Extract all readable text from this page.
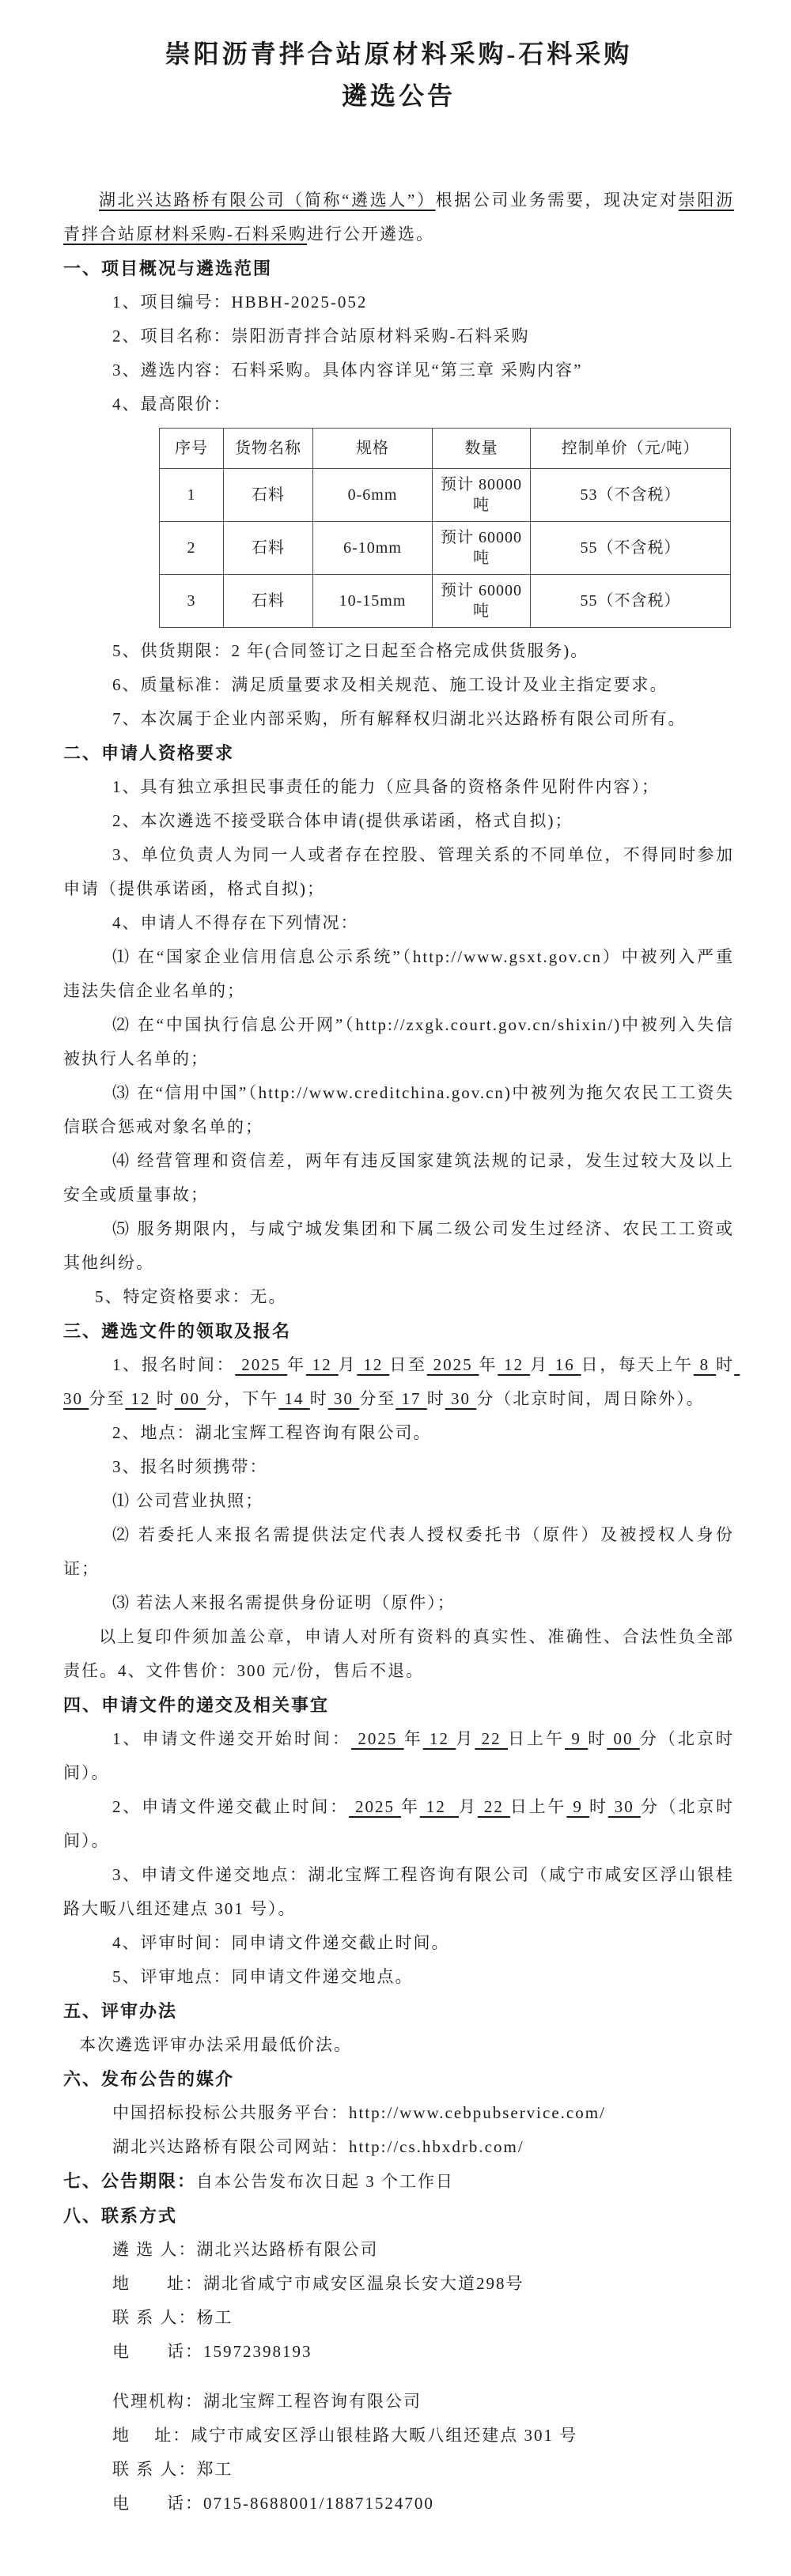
崇阳沥青拌合站原材料采购-石料采购
遴选公告

湖北兴达路桥有限公司（简称“遴选人”）根据公司业务需要，现决定对崇阳沥青拌合站原材料采购-石料采购进行公开遴选。

一、项目概况与遴选范围

1、项目编号：HBBH-2025-052

2、项目名称：崇阳沥青拌合站原材料采购-石料采购

3、遴选内容：石料采购。具体内容详见“第三章 采购内容”

4、最高限价：

序号	货物名称	规格	数量	控制单价（元/吨）
1	石料	0-6mm	预计 80000 吨	53（不含税）
2	石料	6-10mm	预计 60000 吨	55（不含税）
3	石料	10-15mm	预计 60000 吨	55（不含税）

5、供货期限：2 年(合同签订之日起至合格完成供货服务)。

6、质量标准：满足质量要求及相关规范、施工设计及业主指定要求。

7、本次属于企业内部采购，所有解释权归湖北兴达路桥有限公司所有。

二、申请人资格要求

1、具有独立承担民事责任的能力（应具备的资格条件见附件内容）；

2、本次遴选不接受联合体申请(提供承诺函，格式自拟)；

3、单位负责人为同一人或者存在控股、管理关系的不同单位，不得同时参加申请（提供承诺函，格式自拟)；

4、申请人不得存在下列情况：

⑴ 在“国家企业信用信息公示系统”（http://www.gsxt.gov.cn）中被列入严重违法失信企业名单的；

⑵ 在“中国执行信息公开网”（http://zxgk.court.gov.cn/shixin/)中被列入失信被执行人名单的；

⑶ 在“信用中国”（http://www.creditchina.gov.cn)中被列为拖欠农民工工资失信联合惩戒对象名单的；

⑷ 经营管理和资信差，两年有违反国家建筑法规的记录，发生过较大及以上安全或质量事故；

⑸ 服务期限内，与咸宁城发集团和下属二级公司发生过经济、农民工工资或其他纠纷。

5、特定资格要求：无。

三、遴选文件的领取及报名

1、报名时间： 2025 年 12 月 12 日至 2025 年 12 月 16 日，每天上午 8 时 30 分至 12 时 00 分，下午 14 时 30 分至 17 时 30 分（北京时间，周日除外）。

2、地点：湖北宝辉工程咨询有限公司。

3、报名时须携带：

⑴ 公司营业执照；

⑵ 若委托人来报名需提供法定代表人授权委托书（原件）及被授权人身份证；

⑶ 若法人来报名需提供身份证明（原件）；

以上复印件须加盖公章，申请人对所有资料的真实性、准确性、合法性负全部责任。4、文件售价：300 元/份，售后不退。

四、申请文件的递交及相关事宜

1、申请文件递交开始时间： 2025 年 12 月 22 日上午 9 时 00 分（北京时间）。

2、申请文件递交截止时间： 2025 年 12  月 22 日上午 9 时 30 分（北京时间）。

3、申请文件递交地点：湖北宝辉工程咨询有限公司（咸宁市咸安区浮山银桂路大畈八组还建点 301 号）。

4、评审时间：同申请文件递交截止时间。

5、评审地点：同申请文件递交地点。

五、评审办法

本次遴选评审办法采用最低价法。

六、发布公告的媒介

中国招标投标公共服务平台：http://www.cebpubservice.com/

湖北兴达路桥有限公司网站：http://cs.hbxdrb.com/

七、公告期限：自本公告发布次日起 3 个工作日

八、联系方式

遴 选 人：湖北兴达路桥有限公司

地　　址：湖北省咸宁市咸安区温泉长安大道298号

联 系 人：杨工

电　　话：15972398193

代理机构：湖北宝辉工程咨询有限公司

地　 址：咸宁市咸安区浮山银桂路大畈八组还建点 301 号

联 系 人：郑工

电　　话：0715-8688001/18871524700
